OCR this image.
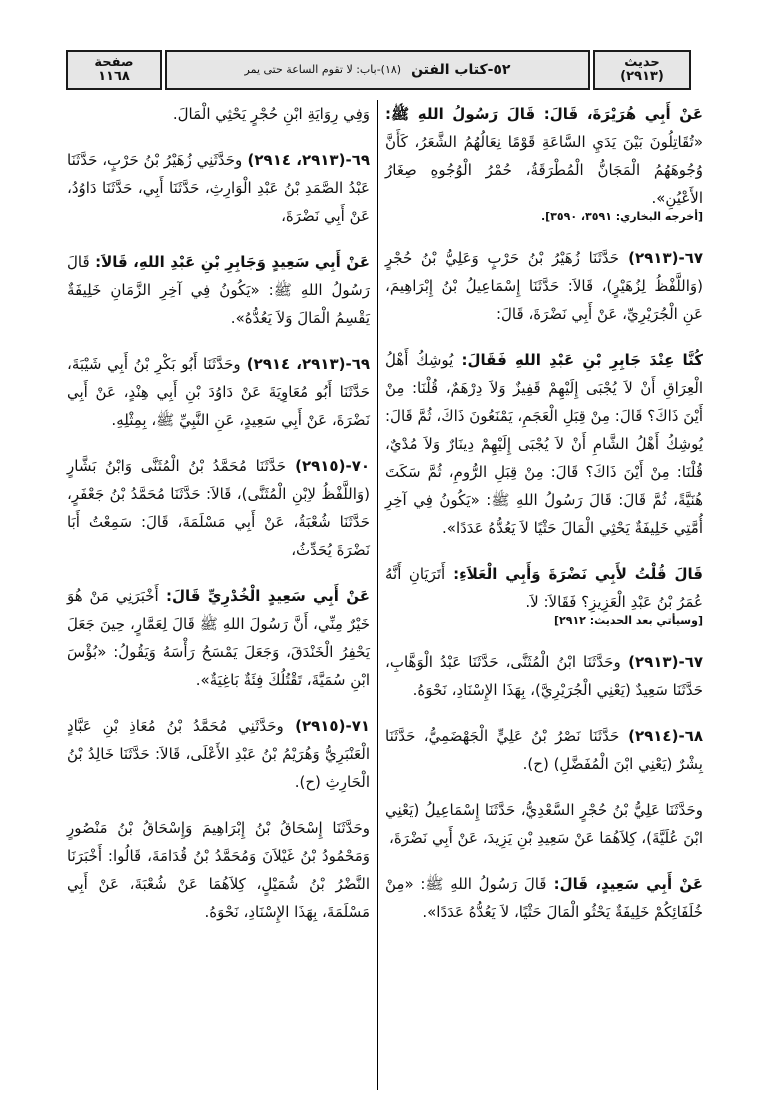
صفحة
١١٦٨	٥٢-كتاب الفتن
(١٨)-باب: لا تقوم الساعة حتى يمر	حديث
(٢٩١٣)
عَنْ أَبِي هُرَيْرَةَ، قَالَ: قَالَ رَسُولُ اللهِ ﷺ: «تُقَاتِلُونَ بَيْنَ يَدَيِ السَّاعَةِ قَوْمًا نِعَالُهُمُ الشَّعَرُ، كَأَنَّ وُجُوهَهُمُ الْمَجَانُّ الْمُطْرَقَةُ، حُمْرُ الْوُجُوهِ صِغَارُ الأَعْيُنِ».
[أخرجه البخاري: ٣٥٩١، ٣٥٩٠].
٦٧-(٢٩١٣) حَدَّثَنَا زُهَيْرُ بْنُ حَرْبٍ وَعَلِيُّ بْنُ حُجْرٍ (وَاللَّفْظُ لِزُهَيْرٍ)، قَالاَ: حَدَّثَنَا إِسْمَاعِيلُ بْنُ إِبْرَاهِيمَ، عَنِ الْجُرَيْرِيِّ، عَنْ أَبِي نَضْرَةَ، قَالَ:
كُنَّا عِنْدَ جَابِرِ بْنِ عَبْدِ اللهِ فَقَالَ: يُوشِكُ أَهْلُ الْعِرَاقِ أَنْ لاَ يُجْبَى إِلَيْهِمْ قَفِيزٌ وَلاَ دِرْهَمٌ، قُلْنَا: مِنْ أَيْنَ ذَاكَ؟ قَالَ: مِنْ قِبَلِ الْعَجَمِ، يَمْنَعُونَ ذَاكَ، ثُمَّ قَالَ: يُوشِكُ أَهْلُ الشَّامِ أَنْ لاَ يُجْبَى إِلَيْهِمْ دِينَارٌ وَلاَ مُدْيٌ، قُلْنَا: مِنْ أَيْنَ ذَاكَ؟ قَالَ: مِنْ قِبَلِ الرُّومِ، ثُمَّ سَكَتَ هُنَيَّةً، ثُمَّ قَالَ: قَالَ رَسُولُ اللهِ ﷺ: «يَكُونُ فِي آخِرِ أُمَّتِي خَلِيفَةٌ يَحْثِي الْمَالَ حَثْيًا لاَ يَعُدُّهُ عَدَدًا».
قَالَ قُلْتُ لأَبِي نَضْرَةَ وَأَبِي الْعَلاَءِ: أَتَرَيَانِ أَنَّهُ عُمَرُ بْنُ عَبْدِ الْعَزِيزِ؟ فَقَالاَ: لاَ.
[وسيأتي بعد الحديث: ٢٩١٢]
٦٧-(٢٩١٣) وحَدَّثَنَا ابْنُ الْمُثَنَّى، حَدَّثَنَا عَبْدُ الْوَهَّابِ، حَدَّثَنَا سَعِيدٌ (يَعْنِي الْجُرَيْرِيَّ)، بِهَذَا الإِسْنَادِ، نَحْوَهُ.
٦٨-(٢٩١٤) حَدَّثَنَا نَصْرُ بْنُ عَلِيٍّ الْجَهْضَمِيُّ، حَدَّثَنَا بِشْرٌ (يَعْنِي ابْنَ الْمُفَضَّلِ) (ح).
وحَدَّثَنَا عَلِيُّ بْنُ حُجْرٍ السَّعْدِيُّ، حَدَّثَنَا إِسْمَاعِيلُ (يَعْنِي ابْنَ عُلَيَّةَ)، كِلاَهُمَا عَنْ سَعِيدِ بْنِ يَزِيدَ، عَنْ أَبِي نَضْرَةَ،
عَنْ أَبِي سَعِيدٍ، قَالَ: قَالَ رَسُولُ اللهِ ﷺ: «مِنْ خُلَفَائِكُمْ خَلِيفَةٌ يَحْثُو الْمَالَ حَثْيًا، لاَ يَعُدُّهُ عَدَدًا».
وَفِي رِوَايَةِ ابْنِ حُجْرٍ يَحْثِي الْمَالَ.
٦٩-(٢٩١٣، ٢٩١٤) وحَدَّثَنِي زُهَيْرُ بْنُ حَرْبٍ، حَدَّثَنَا عَبْدُ الصَّمَدِ بْنُ عَبْدِ الْوَارِثِ، حَدَّثَنَا أَبِي، حَدَّثَنَا دَاوُدُ، عَنْ أَبِي نَضْرَةَ،
عَنْ أَبِي سَعِيدٍ وَجَابِرِ بْنِ عَبْدِ اللهِ، قَالاَ: قَالَ رَسُولُ اللهِ ﷺ: «يَكُونُ فِي آخِرِ الزَّمَانِ خَلِيفَةٌ يَقْسِمُ الْمَالَ وَلاَ يَعُدُّهُ».
٦٩-(٢٩١٣، ٢٩١٤) وحَدَّثَنَا أَبُو بَكْرِ بْنُ أَبِي شَيْبَةَ، حَدَّثَنَا أَبُو مُعَاوِيَةَ عَنْ دَاوُدَ بْنِ أَبِي هِنْدٍ، عَنْ أَبِي نَضْرَةَ، عَنْ أَبِي سَعِيدٍ، عَنِ النَّبِيِّ ﷺ، بِمِثْلِهِ.
٧٠-(٢٩١٥) حَدَّثَنَا مُحَمَّدُ بْنُ الْمُثَنَّى وَابْنُ بَشَّارٍ (وَاللَّفْظُ لاِبْنِ الْمُثَنَّى)، قَالاَ: حَدَّثَنَا مُحَمَّدُ بْنُ جَعْفَرٍ، حَدَّثَنَا شُعْبَةُ، عَنْ أَبِي مَسْلَمَةَ، قَالَ: سَمِعْتُ أَبَا نَضْرَةَ يُحَدِّثُ،
عَنْ أَبِي سَعِيدٍ الْخُدْرِيِّ قَالَ: أَخْبَرَنِي مَنْ هُوَ خَيْرٌ مِنِّي، أَنَّ رَسُولَ اللهِ ﷺ قَالَ لِعَمَّارٍ، حِينَ جَعَلَ يَحْفِرُ الْخَنْدَقَ، وَجَعَلَ يَمْسَحُ رَأْسَهُ وَيَقُولُ: «بُؤْسَ ابْنِ سُمَيَّةَ، تَقْتُلُكَ فِئَةٌ بَاغِيَةٌ».
٧١-(٢٩١٥) وحَدَّثَنِي مُحَمَّدُ بْنُ مُعَاذِ بْنِ عَبَّادٍ الْعَنْبَرِيُّ وَهُرَيْمُ بْنُ عَبْدِ الأَعْلَى، قَالاَ: حَدَّثَنَا خَالِدُ بْنُ الْحَارِثِ (ح).
وحَدَّثَنَا إِسْحَاقُ بْنُ إِبْرَاهِيمَ وَإِسْحَاقُ بْنُ مَنْصُورٍ وَمَحْمُودُ بْنُ غَيْلاَنَ وَمُحَمَّدُ بْنُ قُدَامَةَ، قَالُوا: أَخْبَرَنَا النَّضْرُ بْنُ شُمَيْلٍ، كِلاَهُمَا عَنْ شُعْبَةَ، عَنْ أَبِي مَسْلَمَةَ، بِهَذَا الإِسْنَادِ، نَحْوَهُ.
